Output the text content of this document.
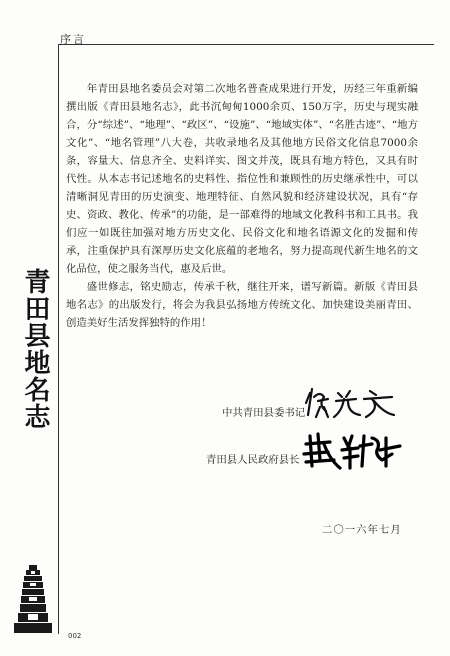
序言
青田县地名志
002

年青田县地名委员会对第二次地名普查成果进行开发，历经三年重新编撰出版《青田县地名志》，此书沉甸甸1000余页、150万字，历史与现实融合，分“综述”、“地理”、“政区”、“设施”、“地域实体”、“名胜古迹”、“地方文化”、“地名管理”八大卷，共收录地名及其他地方民俗文化信息7000余条，容量大、信息齐全、史料详实、图文并茂，既具有地方特色，又具有时代性。从本志书记述地名的史料性、指位性和兼顾性的历史继承性中，可以清晰洞见青田的历史演变、地理特征、自然风貌和经济建设状况，具有“存史、资政、教化、传承”的功能，是一部难得的地域文化教科书和工具书。我们应一如既往加强对地方历史文化、民俗文化和地名语源文化的发掘和传承，注重保护具有深厚历史文化底蕴的老地名，努力提高现代新生地名的文化品位，使之服务当代，惠及后世。

盛世修志，铭史励志，传承千秋，继往开来，谱写新篇。新版《青田县地名志》的出版发行，将会为我县弘扬地方传统文化、加快建设美丽青田、创造美好生活发挥独特的作用！

中共青田县委书记
青田县人民政府县长
二〇一六年七月
